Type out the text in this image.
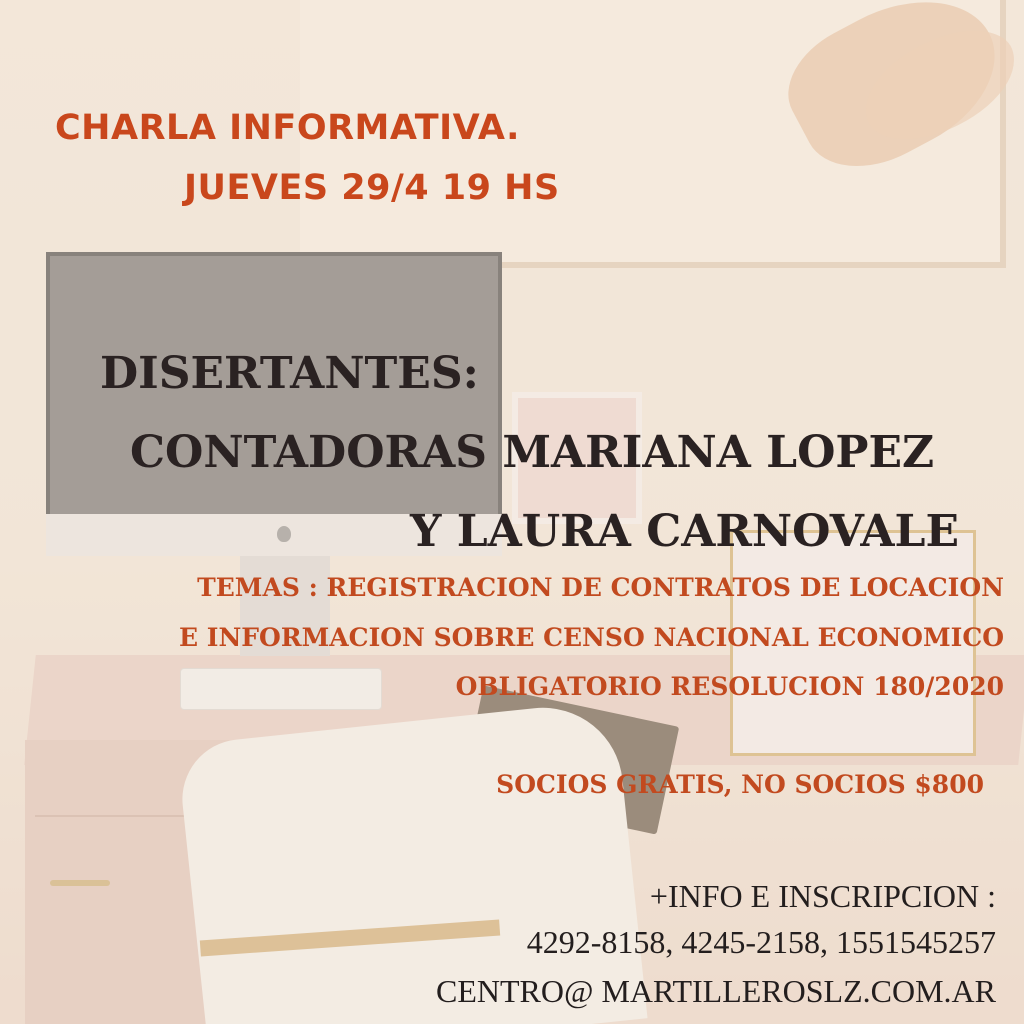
CHARLA INFORMATIVA.

JUEVES 29/4 19 HS

DISERTANTES:

CONTADORAS MARIANA LOPEZ

Y LAURA CARNOVALE

TEMAS : REGISTRACION DE CONTRATOS DE LOCACION

E INFORMACION SOBRE CENSO NACIONAL ECONOMICO

OBLIGATORIO RESOLUCION 180/2020

SOCIOS GRATIS, NO SOCIOS $800

+INFO E INSCRIPCION :

4292-8158, 4245-2158, 1551545257

CENTRO@ MARTILLEROSLZ.COM.AR
